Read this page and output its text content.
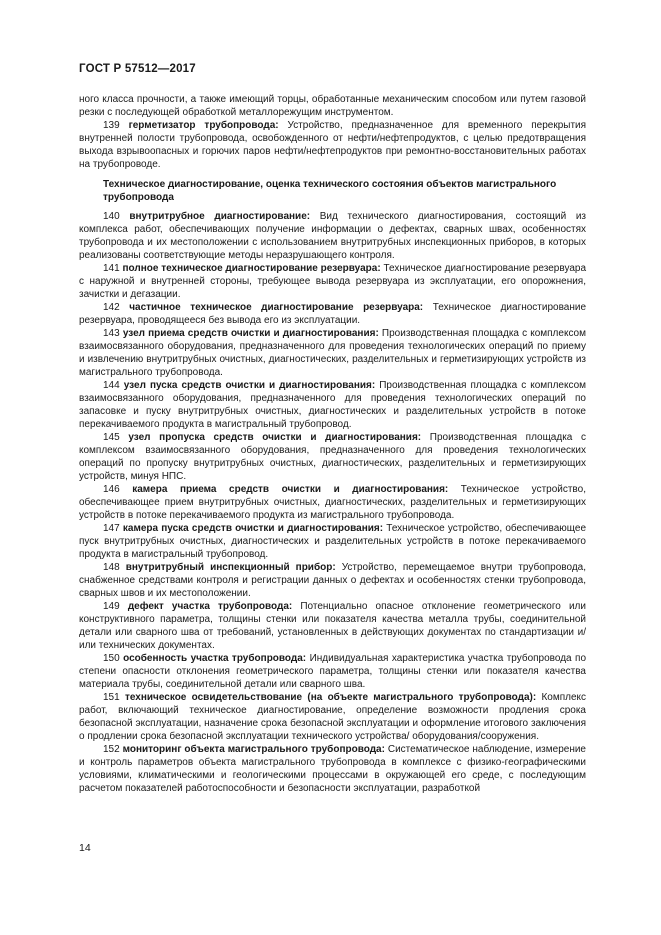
ГОСТ Р 57512—2017

ного класса прочности, а также имеющий торцы, обработанные механическим способом или путем газовой резки с последующей обработкой металлорежущим инструментом.

139 герметизатор трубопровода: Устройство, предназначенное для временного перекрытия внутренней полости трубопровода, освобожденного от нефти/нефтепродуктов, с целью предотвращения выхода взрывоопасных и горючих паров нефти/нефтепродуктов при ремонтно-восстановительных работах на трубопроводе.

Техническое диагностирование, оценка технического состояния объектов магистрального трубопровода

140 внутритрубное диагностирование: Вид технического диагностирования, состоящий из комплекса работ, обеспечивающих получение информации о дефектах, сварных швах, особенностях трубопровода и их местоположении с использованием внутритрубных инспекционных приборов, в которых реализованы соответствующие методы неразрушающего контроля.

141 полное техническое диагностирование резервуара: Техническое диагностирование резервуара с наружной и внутренней стороны, требующее вывода резервуара из эксплуатации, его опорожнения, зачистки и дегазации.

142 частичное техническое диагностирование резервуара: Техническое диагностирование резервуара, проводящееся без вывода его из эксплуатации.

143 узел приема средств очистки и диагностирования: Производственная площадка с комплексом взаимосвязанного оборудования, предназначенного для проведения технологических операций по приему и извлечению внутритрубных очистных, диагностических, разделительных и герметизирующих устройств из магистрального трубопровода.

144 узел пуска средств очистки и диагностирования: Производственная площадка с комплексом взаимосвязанного оборудования, предназначенного для проведения технологических операций по запасовке и пуску внутритрубных очистных, диагностических и разделительных устройств в потоке перекачиваемого продукта в магистральный трубопровод.

145 узел пропуска средств очистки и диагностирования: Производственная площадка с комплексом взаимосвязанного оборудования, предназначенного для проведения технологических операций по пропуску внутритрубных очистных, диагностических, разделительных и герметизирующих устройств, минуя НПС.

146 камера приема средств очистки и диагностирования: Техническое устройство, обеспечивающее прием внутритрубных очистных, диагностических, разделительных и герметизирующих устройств в потоке перекачиваемого продукта из магистрального трубопровода.

147 камера пуска средств очистки и диагностирования: Техническое устройство, обеспечивающее пуск внутритрубных очистных, диагностических и разделительных устройств в потоке перекачиваемого продукта в магистральный трубопровод.

148 внутритрубный инспекционный прибор: Устройство, перемещаемое внутри трубопровода, снабженное средствами контроля и регистрации данных о дефектах и особенностях стенки трубопровода, сварных швов и их местоположении.

149 дефект участка трубопровода: Потенциально опасное отклонение геометрического или конструктивного параметра, толщины стенки или показателя качества металла трубы, соединительной детали или сварного шва от требований, установленных в действующих документах по стандартизации и/или технических документах.

150 особенность участка трубопровода: Индивидуальная характеристика участка трубопровода по степени опасности отклонения геометрического параметра, толщины стенки или показателя качества материала трубы, соединительной детали или сварного шва.

151 техническое освидетельствование (на объекте магистрального трубопровода): Комплекс работ, включающий техническое диагностирование, определение возможности продления срока безопасной эксплуатации, назначение срока безопасной эксплуатации и оформление итогового заключения о продлении срока безопасной эксплуатации технического устройства/ оборудования/сооружения.

152 мониторинг объекта магистрального трубопровода: Систематическое наблюдение, измерение и контроль параметров объекта магистрального трубопровода в комплексе с физико-географическими условиями, климатическими и геологическими процессами в окружающей его среде, с последующим расчетом показателей работоспособности и безопасности эксплуатации, разработкой

14
